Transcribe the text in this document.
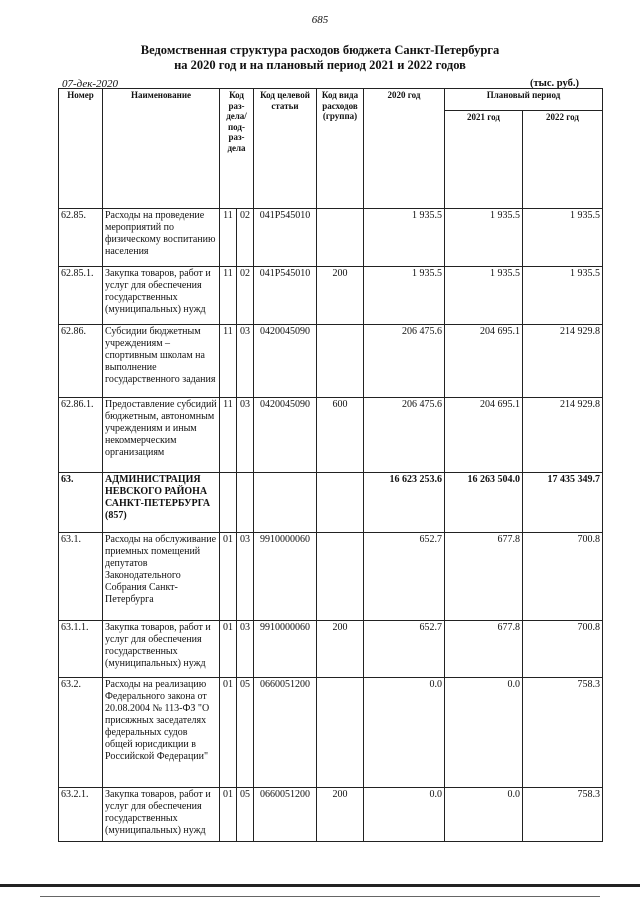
685
Ведомственная структура расходов бюджета Санкт-Петербурга
на 2020 год и на плановый период 2021 и 2022 годов
07-дек-2020	(тыс. руб.)
Номер	Наименование	Код раз-дела/ под-раз-дела		Код целевой статьи	Код вида расходов (группа)	2020 год	Плановый период	
							2021 год	2022 год
62.85.	Расходы на проведение мероприятий по физическому воспитанию населения	11	02	041P545010		1 935.5	1 935.5	1 935.5
62.85.1.	Закупка товаров, работ и услуг для обеспечения государственных (муниципальных) нужд	11	02	041P545010	200	1 935.5	1 935.5	1 935.5
62.86.	Субсидии бюджетным учреждениям – спортивным школам на выполнение государственного задания	11	03	0420045090		206 475.6	204 695.1	214 929.8
62.86.1.	Предоставление субсидий бюджетным, автономным учреждениям и иным некоммерческим организациям	11	03	0420045090	600	206 475.6	204 695.1	214 929.8
63.	АДМИНИСТРАЦИЯ НЕВСКОГО РАЙОНА САНКТ-ПЕТЕРБУРГА (857)					16 623 253.6	16 263 504.0	17 435 349.7
63.1.	Расходы на обслуживание приемных помещений депутатов Законодательного Собрания Санкт-Петербурга	01	03	9910000060		652.7	677.8	700.8
63.1.1.	Закупка товаров, работ и услуг для обеспечения государственных (муниципальных) нужд	01	03	9910000060	200	652.7	677.8	700.8
63.2.	Расходы на реализацию Федерального закона от 20.08.2004 № 113-ФЗ "О присяжных заседателях федеральных судов общей юрисдикции в Российской Федерации"	01	05	0660051200		0.0	0.0	758.3
63.2.1.	Закупка товаров, работ и услуг для обеспечения государственных (муниципальных) нужд	01	05	0660051200	200	0.0	0.0	758.3
